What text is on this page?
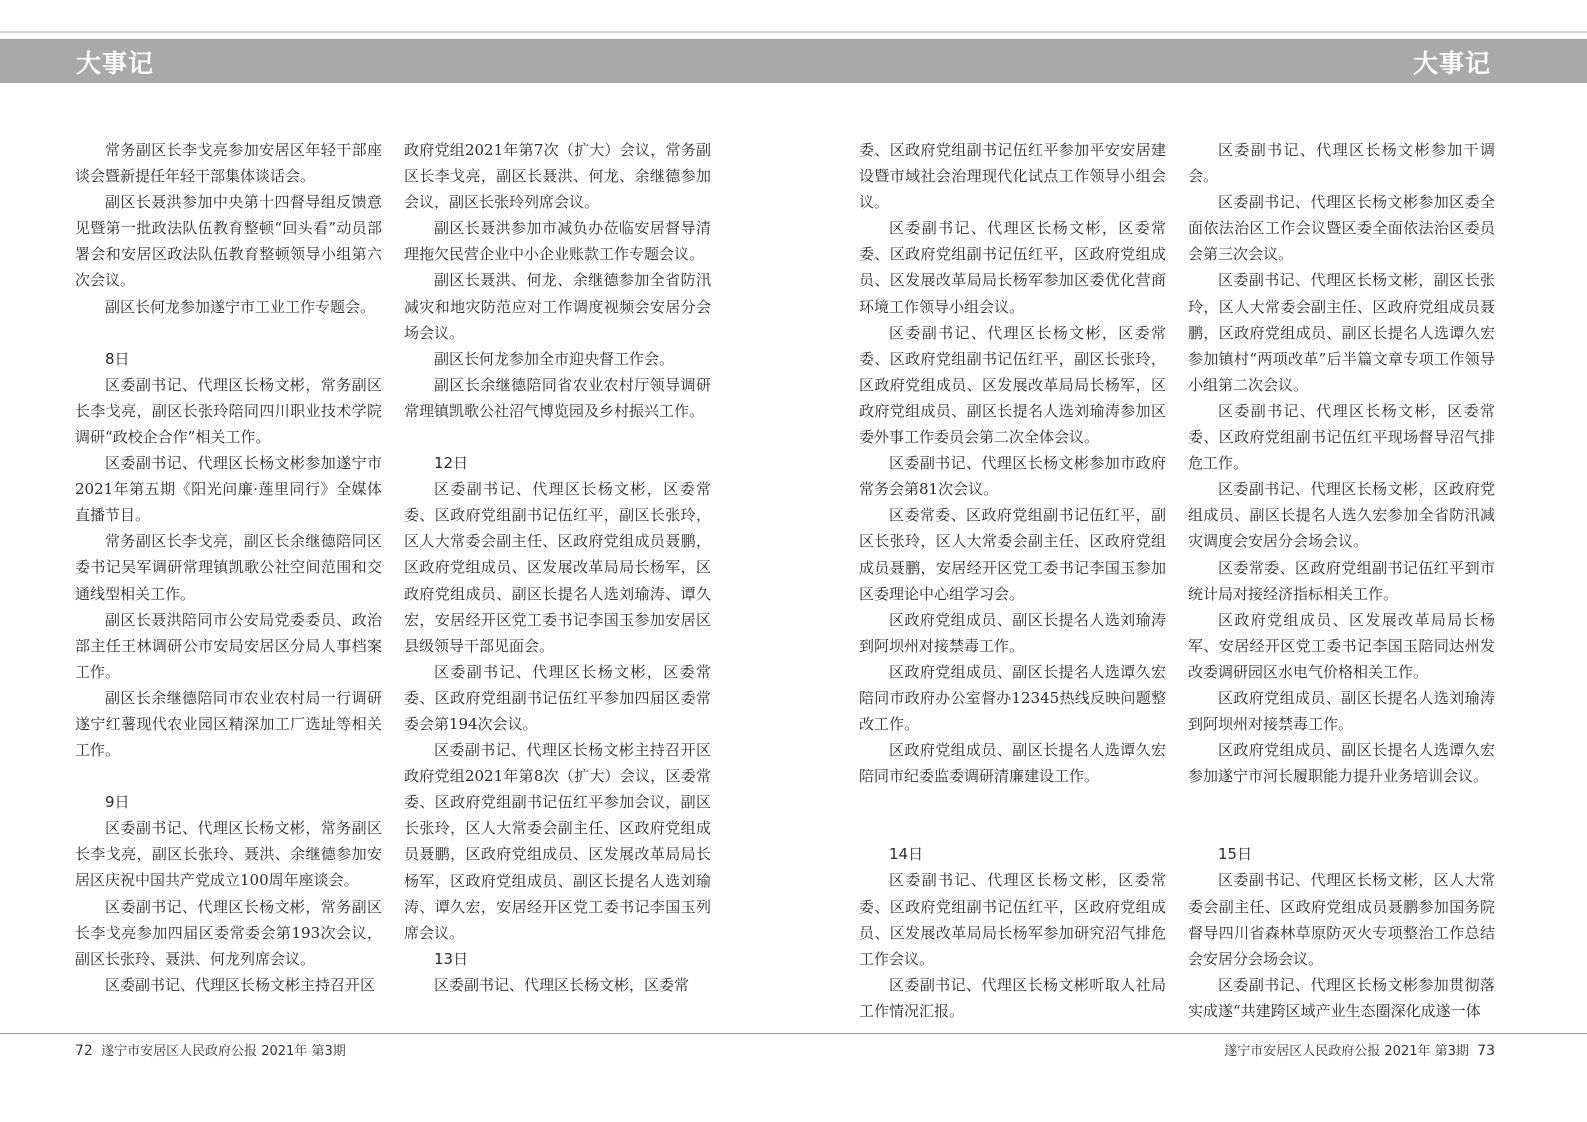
大事记	大事记

常务副区长李戈亮参加安居区年轻干部座谈会暨新提任年轻干部集体谈话会。

副区长聂洪参加中央第十四督导组反馈意见暨第一批政法队伍教育整顿“回头看”动员部署会和安居区政法队伍教育整顿领导小组第六次会议。

副区长何龙参加遂宁市工业工作专题会。

8日

区委副书记、代理区长杨文彬，常务副区长李戈亮，副区长张玲陪同四川职业技术学院调研“政校企合作”相关工作。

区委副书记、代理区长杨文彬参加遂宁市2021年第五期《阳光问廉·莲里同行》全媒体直播节目。

常务副区长李戈亮，副区长余继德陪同区委书记吴军调研常理镇凯歌公社空间范围和交通线型相关工作。

副区长聂洪陪同市公安局党委委员、政治部主任王林调研公市安局安居区分局人事档案工作。

副区长余继德陪同市农业农村局一行调研遂宁红薯现代农业园区精深加工厂选址等相关工作。

9日

区委副书记、代理区长杨文彬，常务副区长李戈亮，副区长张玲、聂洪、余继德参加安居区庆祝中国共产党成立100周年座谈会。

区委副书记、代理区长杨文彬，常务副区长李戈亮参加四届区委常委会第193次会议，副区长张玲、聂洪、何龙列席会议。

区委副书记、代理区长杨文彬主持召开区

政府党组2021年第7次（扩大）会议，常务副区长李戈亮，副区长聂洪、何龙、余继德参加会议，副区长张玲列席会议。

副区长聂洪参加市减负办莅临安居督导清理拖欠民营企业中小企业账款工作专题会议。

副区长聂洪、何龙、余继德参加全省防汛减灾和地灾防范应对工作调度视频会安居分会场会议。

副区长何龙参加全市迎央督工作会。

副区长余继德陪同省农业农村厅领导调研常理镇凯歌公社沼气博览园及乡村振兴工作。

12日

区委副书记、代理区长杨文彬，区委常委、区政府党组副书记伍红平，副区长张玲，区人大常委会副主任、区政府党组成员聂鹏，区政府党组成员、区发展改革局局长杨军，区政府党组成员、副区长提名人选刘瑜涛、谭久宏，安居经开区党工委书记李国玉参加安居区县级领导干部见面会。

区委副书记、代理区长杨文彬，区委常委、区政府党组副书记伍红平参加四届区委常委会第194次会议。

区委副书记、代理区长杨文彬主持召开区政府党组2021年第8次（扩大）会议，区委常委、区政府党组副书记伍红平参加会议，副区长张玲，区人大常委会副主任、区政府党组成员聂鹏，区政府党组成员、区发展改革局局长杨军，区政府党组成员、副区长提名人选刘瑜涛、谭久宏，安居经开区党工委书记李国玉列席会议。

13日

区委副书记、代理区长杨文彬，区委常

委、区政府党组副书记伍红平参加平安安居建设暨市域社会治理现代化试点工作领导小组会议。

区委副书记、代理区长杨文彬，区委常委、区政府党组副书记伍红平，区政府党组成员、区发展改革局局长杨军参加区委优化营商环境工作领导小组会议。

区委副书记、代理区长杨文彬，区委常委、区政府党组副书记伍红平，副区长张玲，区政府党组成员、区发展改革局局长杨军，区政府党组成员、副区长提名人选刘瑜涛参加区委外事工作委员会第二次全体会议。

区委副书记、代理区长杨文彬参加市政府常务会第81次会议。

区委常委、区政府党组副书记伍红平，副区长张玲，区人大常委会副主任、区政府党组成员聂鹏，安居经开区党工委书记李国玉参加区委理论中心组学习会。

区政府党组成员、副区长提名人选刘瑜涛到阿坝州对接禁毒工作。

区政府党组成员、副区长提名人选谭久宏陪同市政府办公室督办12345热线反映问题整改工作。

区政府党组成员、副区长提名人选谭久宏陪同市纪委监委调研清廉建设工作。

14日

区委副书记、代理区长杨文彬，区委常委、区政府党组副书记伍红平，区政府党组成员、区发展改革局局长杨军参加研究沼气排危工作会议。

区委副书记、代理区长杨文彬听取人社局工作情况汇报。

区委副书记、代理区长杨文彬参加干调会。

区委副书记、代理区长杨文彬参加区委全面依法治区工作会议暨区委全面依法治区委员会第三次会议。

区委副书记、代理区长杨文彬，副区长张玲，区人大常委会副主任、区政府党组成员聂鹏，区政府党组成员、副区长提名人选谭久宏参加镇村“两项改革”后半篇文章专项工作领导小组第二次会议。

区委副书记、代理区长杨文彬，区委常委、区政府党组副书记伍红平现场督导沼气排危工作。

区委副书记、代理区长杨文彬，区政府党组成员、副区长提名人选久宏参加全省防汛减灾调度会安居分会场会议。

区委常委、区政府党组副书记伍红平到市统计局对接经济指标相关工作。

区政府党组成员、区发展改革局局长杨军、安居经开区党工委书记李国玉陪同达州发改委调研园区水电气价格相关工作。

区政府党组成员、副区长提名人选刘瑜涛到阿坝州对接禁毒工作。

区政府党组成员、副区长提名人选谭久宏参加遂宁市河长履职能力提升业务培训会议。

15日

区委副书记、代理区长杨文彬，区人大常委会副主任、区政府党组成员聂鹏参加国务院督导四川省森林草原防灭火专项整治工作总结会安居分会场会议。

区委副书记、代理区长杨文彬参加贯彻落实成遂“共建跨区域产业生态圈深化成遂一体

72 遂宁市安居区人民政府公报 2021年 第3期	遂宁市安居区人民政府公报 2021年 第3期 73
